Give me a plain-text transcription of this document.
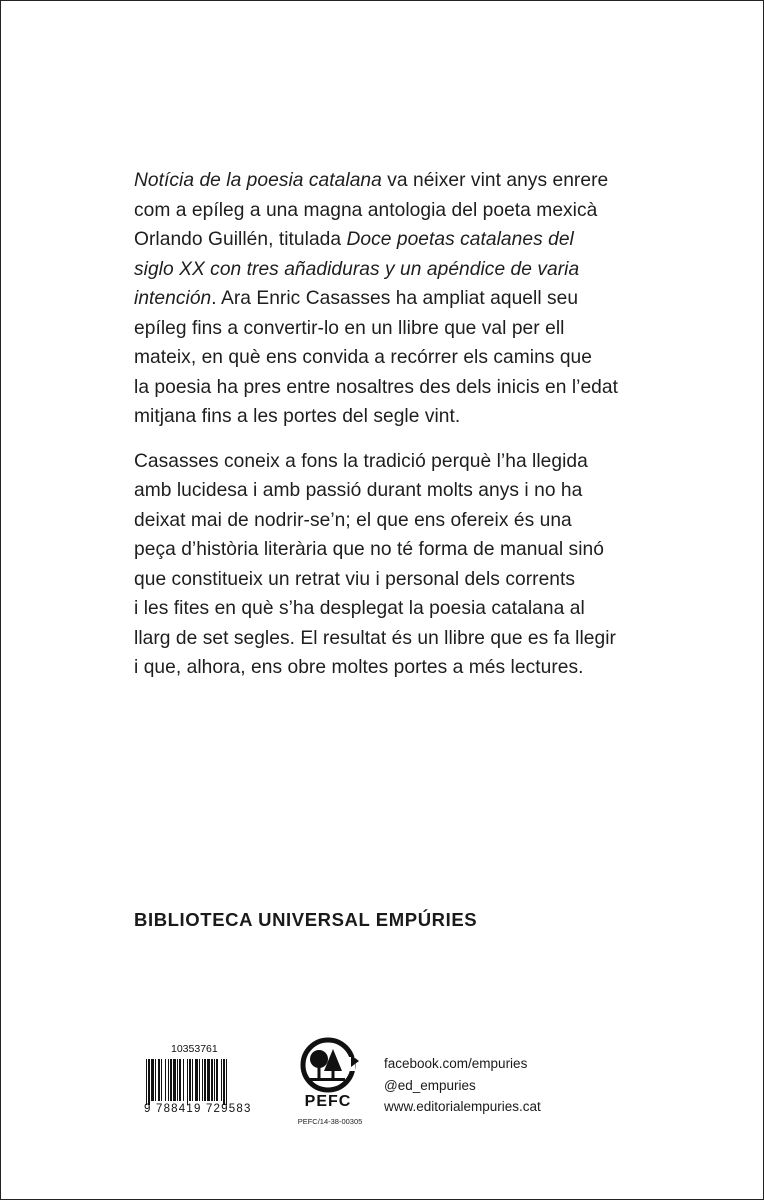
Notícia de la poesia catalana va néixer vint anys enrere
com a epíleg a una magna antologia del poeta mexicà
Orlando Guillén, titulada Doce poetas catalanes del
siglo XX con tres añadiduras y un apéndice de varia
intención. Ara Enric Casasses ha ampliat aquell seu
epíleg fins a convertir-lo en un llibre que val per ell
mateix, en què ens convida a recórrer els camins que
la poesia ha pres entre nosaltres des dels inicis en l’edat
mitjana fins a les portes del segle vint.
Casasses coneix a fons la tradició perquè l’ha llegida
amb lucidesa i amb passió durant molts anys i no ha
deixat mai de nodrir-se’n; el que ens ofereix és una
peça d’història literària que no té forma de manual sinó
que constitueix un retrat viu i personal dels corrents
i les fites en què s’ha desplegat la poesia catalana al
llarg de set segles. El resultat és un llibre que es fa llegir
i que, alhora, ens obre moltes portes a més lectures.
BIBLIOTECA UNIVERSAL EMPÚRIES
10353761
9 788419 729583	PEFC
PEFC/14-38-00305
facebook.com/empuries
@ed_empuries
www.editorialempuries.cat
